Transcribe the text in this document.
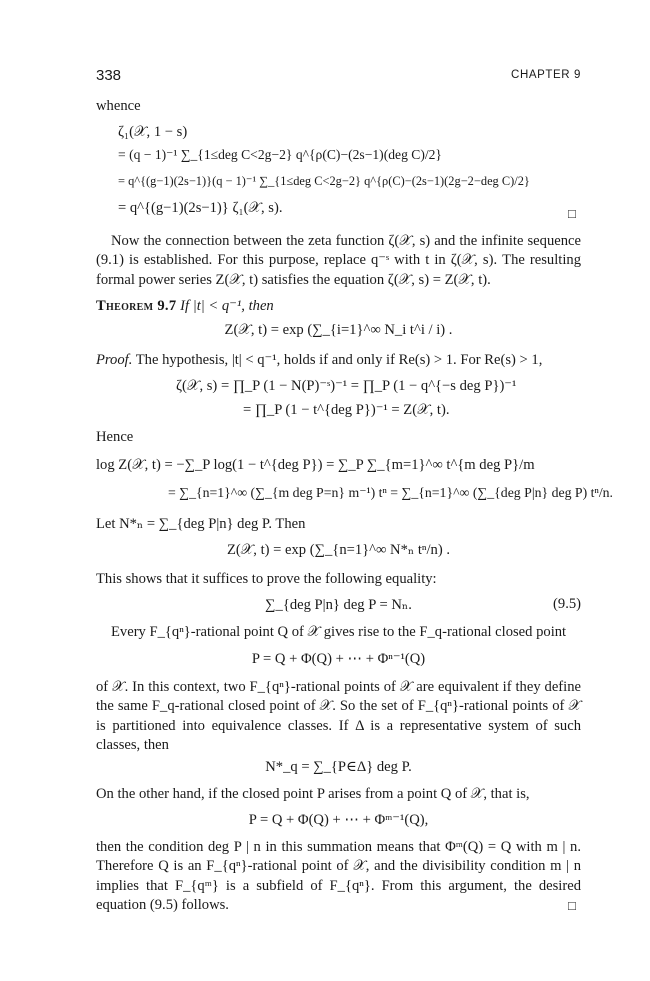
338	CHAPTER 9
whence
ζ₁(𝒳, 1 − s)
= (q − 1)⁻¹ ∑_{1≤deg C<2g−2} q^{ρ(C)−(2s−1)(deg C)/2}
= q^{(g−1)(2s−1)}(q − 1)⁻¹ ∑_{1≤deg C<2g−2} q^{ρ(C)−(2s−1)(2g−2−deg C)/2}
= q^{(g−1)(2s−1)} ζ₁(𝒳, s).	□
Now the connection between the zeta function ζ(𝒳, s) and the infinite sequence (9.1) is established. For this purpose, replace q⁻ˢ with t in ζ(𝒳, s). The resulting formal power series Z(𝒳, t) satisfies the equation ζ(𝒳, s) = Z(𝒳, t).
Theorem 9.7 If |t| < q⁻¹, then
Z(𝒳, t) = exp (∑_{i=1}^∞ N_i t^i / i) .
Proof. The hypothesis, |t| < q⁻¹, holds if and only if Re(s) > 1. For Re(s) > 1,
ζ(𝒳, s) = ∏_P (1 − N(P)⁻ˢ)⁻¹ = ∏_P (1 − q^{−s deg P})⁻¹
= ∏_P (1 − t^{deg P})⁻¹ = Z(𝒳, t).
Hence
log Z(𝒳, t) = −∑_P log(1 − t^{deg P}) = ∑_P ∑_{m=1}^∞ t^{m deg P}/m
= ∑_{n=1}^∞ (∑_{m deg P=n} m⁻¹) tⁿ = ∑_{n=1}^∞ (∑_{deg P|n} deg P) tⁿ/n.
Let N*ₙ = ∑_{deg P|n} deg P. Then
Z(𝒳, t) = exp (∑_{n=1}^∞ N*ₙ tⁿ/n) .
This shows that it suffices to prove the following equality:
∑_{deg P|n} deg P = Nₙ.	(9.5)
Every F_{qⁿ}-rational point Q of 𝒳 gives rise to the F_q-rational closed point
P = Q + Φ(Q) + ⋯ + Φⁿ⁻¹(Q)
of 𝒳. In this context, two F_{qⁿ}-rational points of 𝒳 are equivalent if they define the same F_q-rational closed point of 𝒳. So the set of F_{qⁿ}-rational points of 𝒳 is partitioned into equivalence classes. If Δ is a representative system of such classes, then
N*_q = ∑_{P∈Δ} deg P.
On the other hand, if the closed point P arises from a point Q of 𝒳, that is,
P = Q + Φ(Q) + ⋯ + Φᵐ⁻¹(Q),
then the condition deg P | n in this summation means that Φᵐ(Q) = Q with m | n. Therefore Q is an F_{qⁿ}-rational point of 𝒳, and the divisibility condition m | n implies that F_{qᵐ} is a subfield of F_{qⁿ}. From this argument, the desired equation (9.5) follows.	□
